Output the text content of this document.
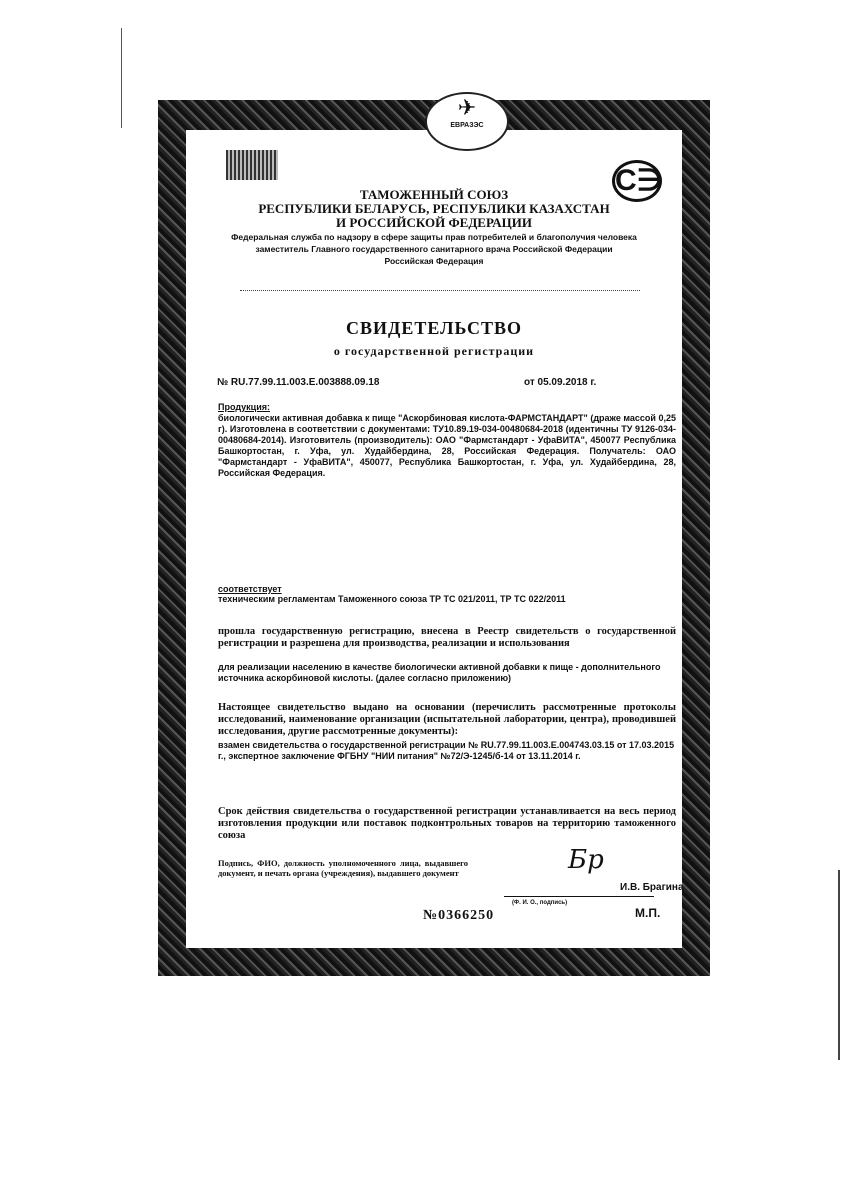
✈
ЕВРАЗЭС
С∋
ТАМОЖЕННЫЙ СОЮЗ
РЕСПУБЛИКИ БЕЛАРУСЬ, РЕСПУБЛИКИ КАЗАХСТАН
И РОССИЙСКОЙ ФЕДЕРАЦИИ
Федеральная служба по надзору в сфере защиты прав потребителей и благополучия человека
заместитель Главного государственного санитарного врача Российской Федерации
Российская Федерация
СВИДЕТЕЛЬСТВО
о государственной регистрации
№ RU.77.99.11.003.E.003888.09.18	от 05.09.2018 г.
Продукция:
биологически активная добавка к пище "Аскорбиновая кислота-ФАРМСТАНДАРТ" (драже массой 0,25 г). Изготовлена в соответствии с документами: ТУ10.89.19-034-00480684-2018 (идентичны ТУ 9126-034-00480684-2014). Изготовитель (производитель): ОАО "Фармстандарт - УфаВИТА", 450077 Республика Башкортостан, г. Уфа, ул. Худайбердина, 28, Российская Федерация. Получатель: ОАО "Фармстандарт - УфаВИТА", 450077, Республика Башкортостан, г. Уфа, ул. Худайбердина, 28, Российская Федерация.
соответствует
техническим регламентам Таможенного союза ТР ТС 021/2011, ТР ТС 022/2011
прошла государственную регистрацию, внесена в Реестр свидетельств о государственной регистрации и разрешена для производства, реализации и использования
для реализации населению в качестве биологически активной добавки к пище - дополнительного источника аскорбиновой кислоты. (далее согласно приложению)
Настоящее свидетельство выдано на основании (перечислить рассмотренные протоколы исследований, наименование организации (испытательной лаборатории, центра), проводившей исследования, другие рассмотренные документы):
взамен свидетельства о государственной регистрации № RU.77.99.11.003.E.004743.03.15 от 17.03.2015 г., экспертное заключение ФГБНУ "НИИ питания" №72/Э-1245/б-14 от 13.11.2014 г.
Срок действия свидетельства о государственной регистрации устанавливается на весь период изготовления продукции или поставок подконтрольных товаров на территорию таможенного союза
Подпись, ФИО, должность уполномоченного лица, выдавшего документ, и печать органа (учреждения), выдавшего документ	Бр
И.В. Брагина
(Ф. И. О., подпись)
М.П.
№0366250
